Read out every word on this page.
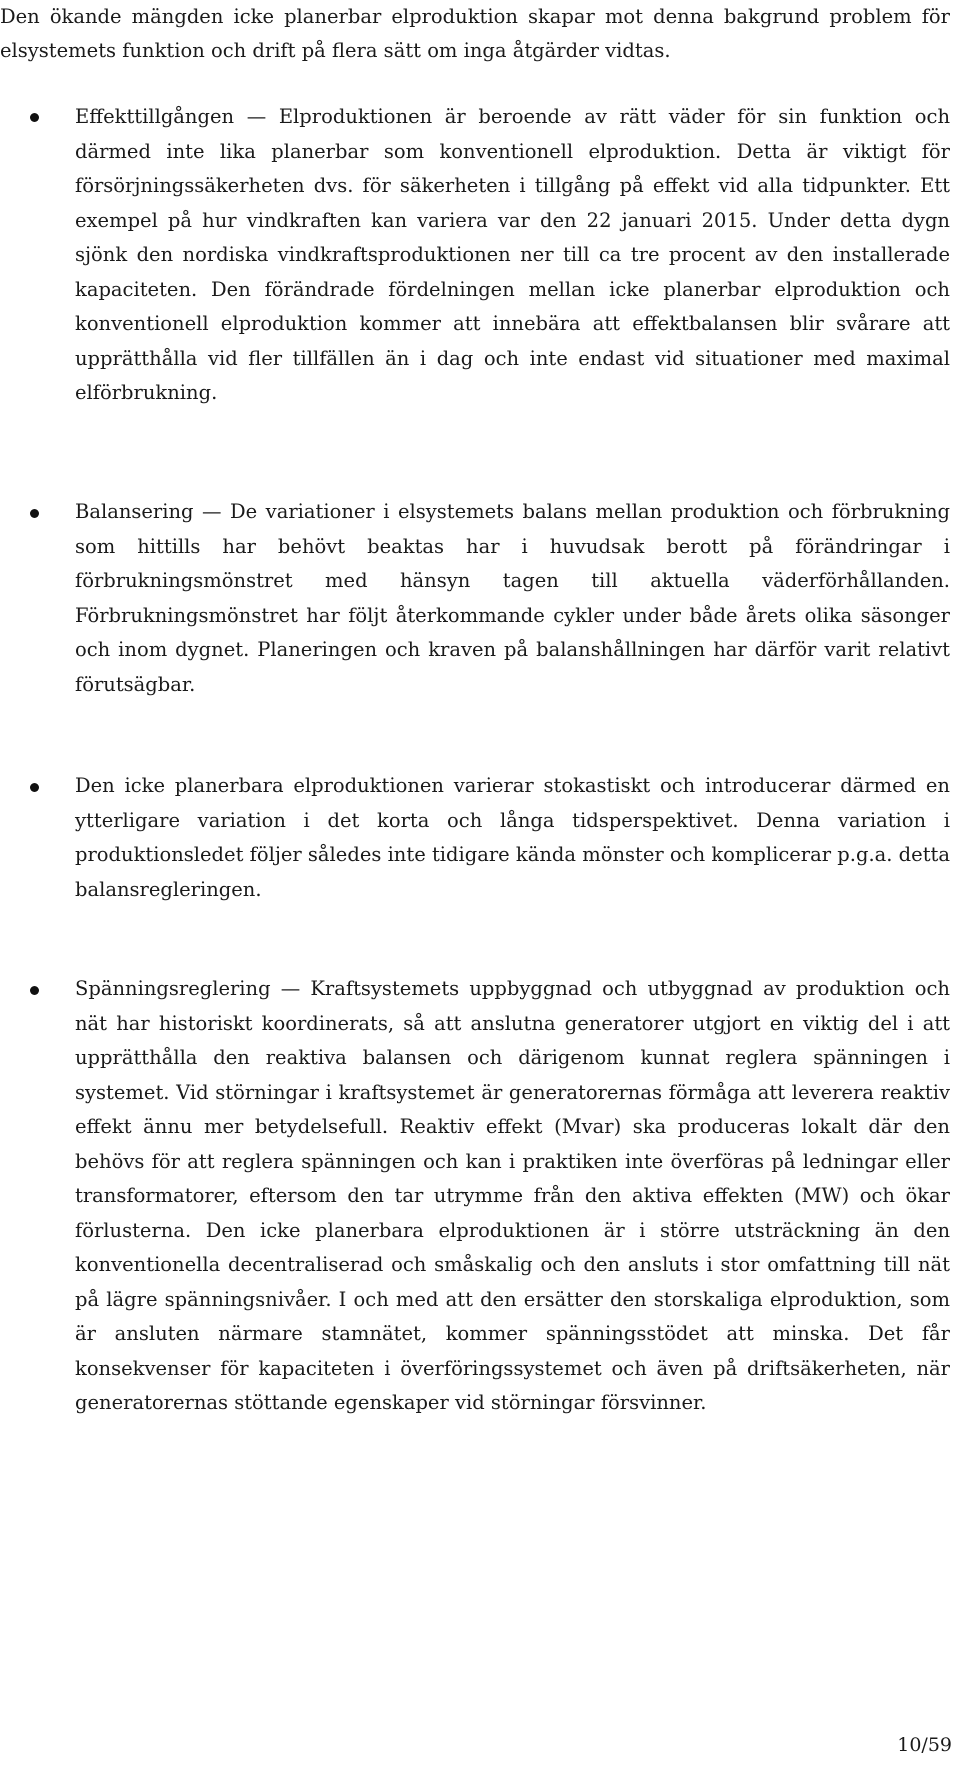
Den ökande mängden icke planerbar elproduktion skapar mot denna bakgrund problem för elsystemets funktion och drift på flera sätt om inga åtgärder vidtas.

Effekttillgången — Elproduktionen är beroende av rätt väder för sin funktion och därmed inte lika planerbar som konventionell elproduktion. Detta är viktigt för försörjningssäkerheten dvs. för säkerheten i tillgång på effekt vid alla tidpunkter. Ett exempel på hur vindkraften kan variera var den 22 januari 2015. Under detta dygn sjönk den nordiska vindkraftsproduktionen ner till ca tre procent av den installerade kapaciteten. Den förändrade fördelningen mellan icke planerbar elproduktion och konventionell elproduktion kommer att innebära att effektbalansen blir svårare att upprätthålla vid fler tillfällen än i dag och inte endast vid situationer med maximal elförbrukning.

Balansering — De variationer i elsystemets balans mellan produktion och förbrukning som hittills har behövt beaktas har i huvudsak berott på förändringar i förbrukningsmönstret med hänsyn tagen till aktuella väderförhållanden. Förbrukningsmönstret har följt återkommande cykler under både årets olika säsonger och inom dygnet. Planeringen och kraven på balanshållningen har därför varit relativt förutsägbar.

Den icke planerbara elproduktionen varierar stokastiskt och introducerar därmed en ytterligare variation i det korta och långa tidsperspektivet. Denna variation i produktionsledet följer således inte tidigare kända mönster och komplicerar p.g.a. detta balansregleringen.

Spänningsreglering — Kraftsystemets uppbyggnad och utbyggnad av produktion och nät har historiskt koordinerats, så att anslutna generatorer utgjort en viktig del i att upprätthålla den reaktiva balansen och därigenom kunnat reglera spänningen i systemet. Vid störningar i kraftsystemet är generatorernas förmåga att leverera reaktiv effekt ännu mer betydelsefull. Reaktiv effekt (Mvar) ska produceras lokalt där den behövs för att reglera spänningen och kan i praktiken inte överföras på ledningar eller transformatorer, eftersom den tar utrymme från den aktiva effekten (MW) och ökar förlusterna. Den icke planerbara elproduktionen är i större utsträckning än den konventionella decentraliserad och småskalig och den ansluts i stor omfattning till nät på lägre spänningsnivåer. I och med att den ersätter den storskaliga elproduktion, som är ansluten närmare stamnätet, kommer spänningsstödet att minska. Det får konsekvenser för kapaciteten i överföringssystemet och även på driftsäkerheten, när generatorernas stöttande egenskaper vid störningar försvinner.

10/59
